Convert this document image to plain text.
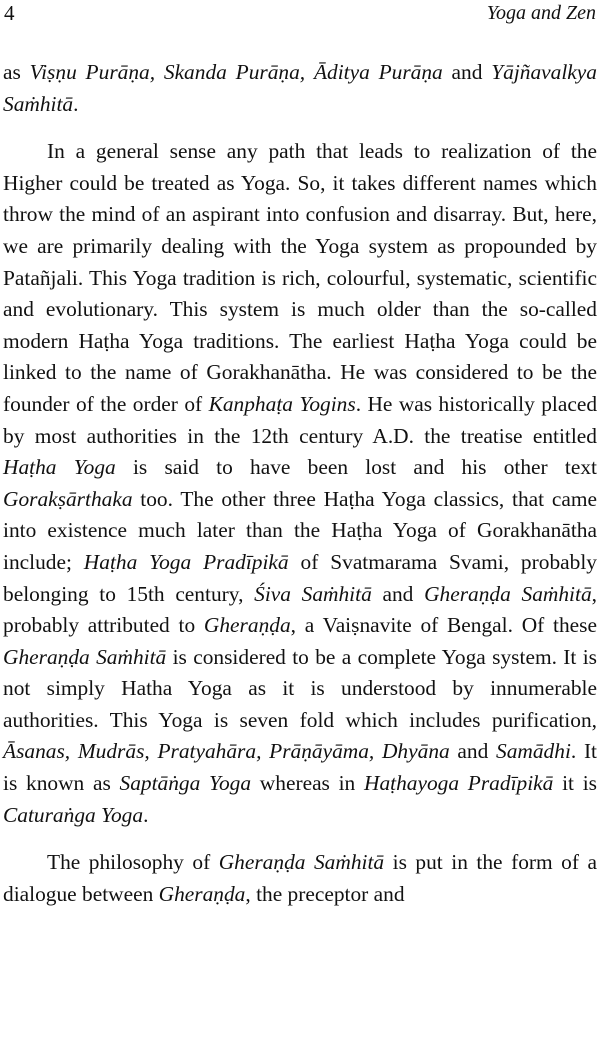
4	Yoga and Zen

as Viṣṇu Purāṇa, Skanda Purāṇa, Āditya Purāṇa and Yājñavalkya Saṁhitā.

In a general sense any path that leads to realization of the Higher could be treated as Yoga. So, it takes different names which throw the mind of an aspirant into confusion and disarray. But, here, we are primarily dealing with the Yoga system as propounded by Patañjali. This Yoga tradition is rich, colourful, systematic, scientific and evolutionary. This system is much older than the so-called modern Haṭha Yoga traditions. The earliest Haṭha Yoga could be linked to the name of Gorakhanātha. He was considered to be the founder of the order of Kanphaṭa Yogins. He was historically placed by most authorities in the 12th century A.D. the treatise entitled Haṭha Yoga is said to have been lost and his other text Gorakṣārthaka too. The other three Haṭha Yoga classics, that came into existence much later than the Haṭha Yoga of Gorakhanātha include; Haṭha Yoga Pradīpikā of Svatmarama Svami, probably belonging to 15th century, Śiva Saṁhitā and Gheraṇḍa Saṁhitā, probably attributed to Gheraṇḍa, a Vaiṣnavite of Bengal. Of these Gheraṇḍa Saṁhitā is considered to be a complete Yoga system. It is not simply Hatha Yoga as it is understood by innumerable authorities. This Yoga is seven fold which includes purification, Āsanas, Mudrās, Pratyahāra, Prāṇāyāma, Dhyāna and Samādhi. It is known as Saptāṅga Yoga whereas in Haṭhayoga Pradīpikā it is Caturaṅga Yoga.

The philosophy of Gheraṇḍa Saṁhitā is put in the form of a dialogue between Gheraṇḍa, the preceptor and
